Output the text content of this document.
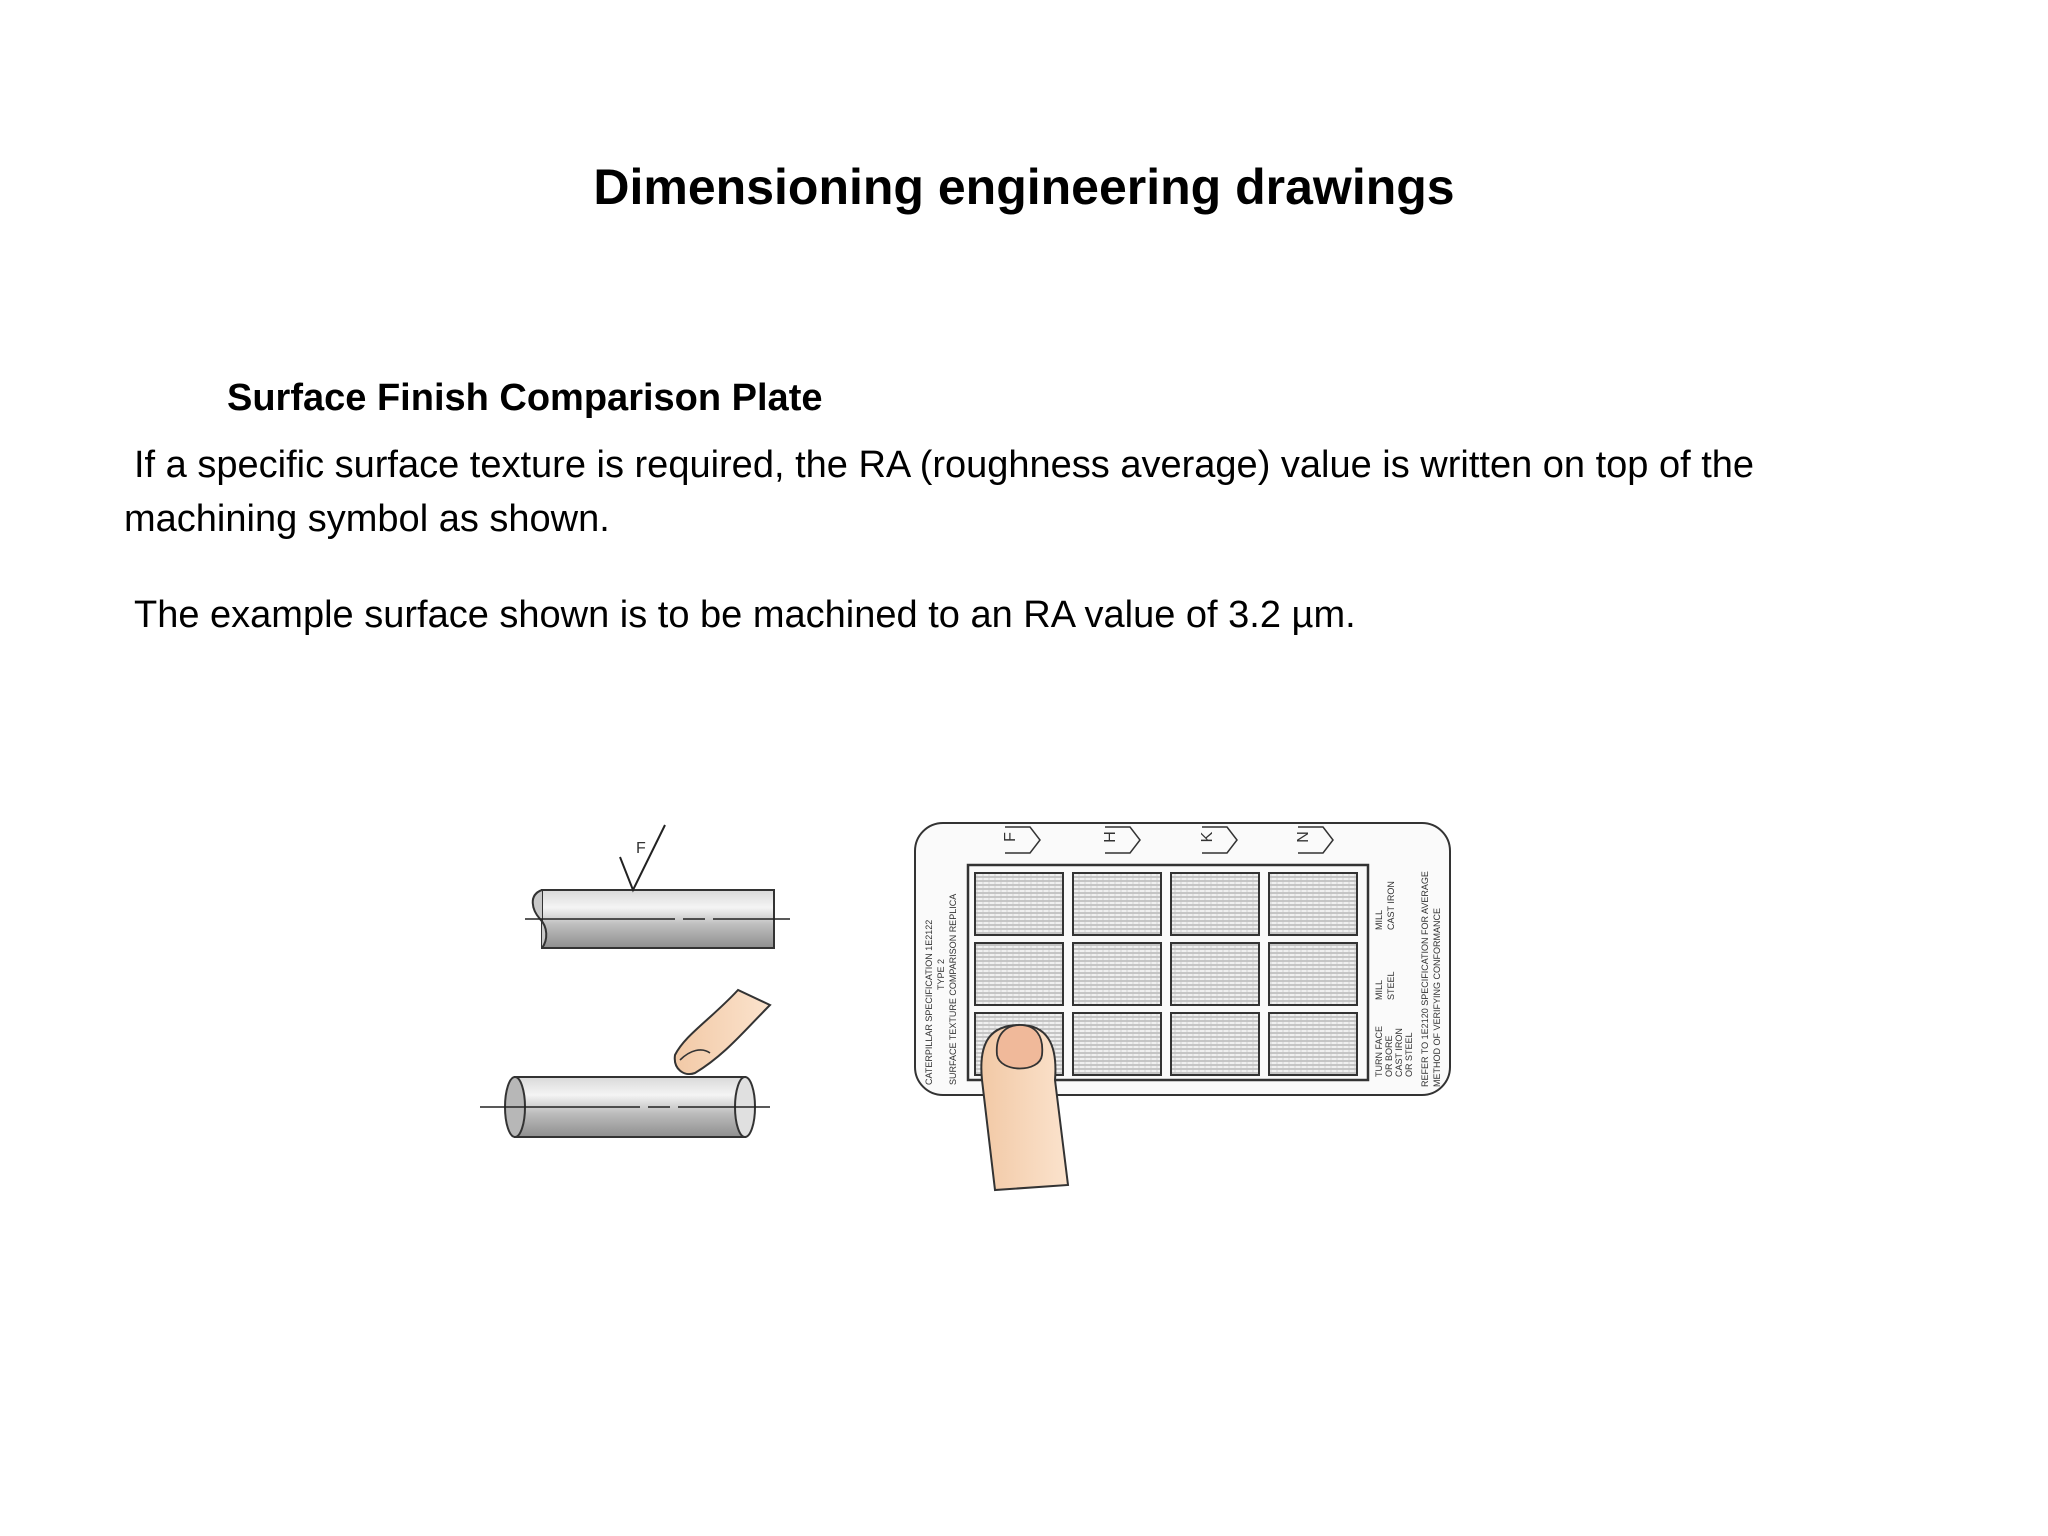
Dimensioning engineering drawings
Surface Finish Comparison Plate

If a specific surface texture is required, the RA (roughness average) value is written on top of the
machining symbol as shown.

The example surface shown is to be machined to an RA value of 3.2 µm.

F
F	H	K	N
CATERPILLAR SPECIFICATION 1E2122 TYPE 2 SURFACE TEXTURE COMPARISON REPLICA	MILL CAST IRON
MILL STEEL
TURN FACE OR BORE CAST IRON OR STEEL REFER TO 1E2120 SPECIFICATION FOR AVERAGE METHOD OF VERIFYING CONFORMANCE
